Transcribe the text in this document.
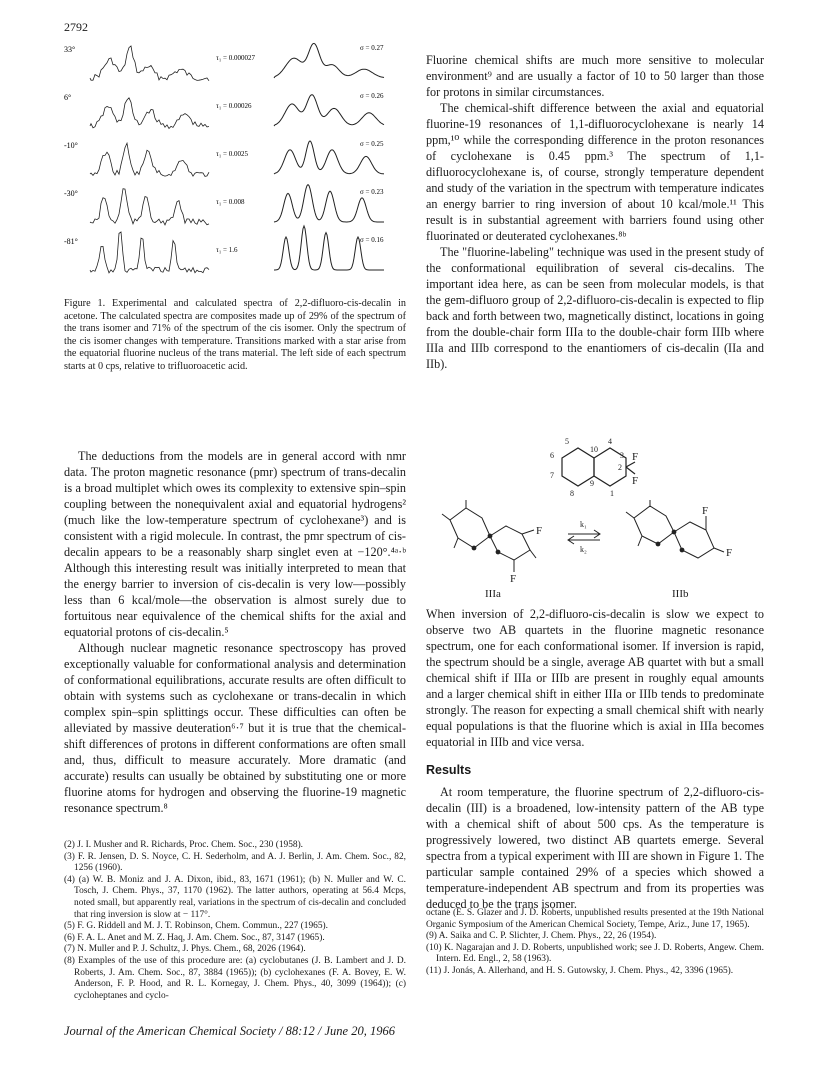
2792
33°
τ₁ = 0.000027
σ = 0.27
6°
τ₁ = 0.00026
σ = 0.26
-10°
τ₁ = 0.0025
σ = 0.25
-30°
τ₁ = 0.008
σ = 0.23
-81°
τ₁ = 1.6
σ = 0.16
Figure 1. Experimental and calculated spectra of 2,2-difluoro-cis-decalin in acetone. The calculated spectra are composites made up of 29% of the spectrum of the trans isomer and 71% of the spectrum of the cis isomer. Only the spectrum of the cis isomer changes with temperature. Transitions marked with a star arise from the equatorial fluorine nucleus of the trans material. The left side of each spectrum starts at 0 cps, relative to trifluoroacetic acid.

The deductions from the models are in general accord with nmr data. The proton magnetic resonance (pmr) spectrum of trans-decalin is a broad multiplet which owes its complexity to extensive spin–spin coupling between the nonequivalent axial and equatorial hydrogens² (much like the low-temperature spectrum of cyclohexane³) and is consistent with a rigid molecule. In contrast, the pmr spectrum of cis-decalin appears to be a reasonably sharp singlet even at −120°.⁴ᵃ·ᵇ Although this interesting result was initially interpreted to mean that the energy barrier to inversion of cis-decalin is very low—possibly less than 6 kcal/mole—the observation is almost surely due to fortuitous near equivalence of the chemical shifts for the axial and equatorial protons of cis-decalin.⁵

Although nuclear magnetic resonance spectroscopy has proved exceptionally valuable for conformational analysis and determination of conformational equilibrations, accurate results are often difficult to obtain with systems such as cyclohexane or trans-decalin in which complex spin–spin splittings occur. These difficulties can often be alleviated by massive deuteration⁶·⁷ but it is true that the chemical-shift differences of protons in different conformations are often small and, thus, difficult to measure accurately. More dramatic (and accurate) results can usually be obtained by substituting one or more fluorine atoms for hydrogen and observing the fluorine-19 magnetic resonance spectrum.⁸

(2) J. I. Musher and R. Richards, Proc. Chem. Soc., 230 (1958).

(3) F. R. Jensen, D. S. Noyce, C. H. Sederholm, and A. J. Berlin, J. Am. Chem. Soc., 82, 1256 (1960).

(4) (a) W. B. Moniz and J. A. Dixon, ibid., 83, 1671 (1961); (b) N. Muller and W. C. Tosch, J. Chem. Phys., 37, 1170 (1962). The latter authors, operating at 56.4 Mcps, noted small, but apparently real, variations in the spectrum of cis-decalin and concluded that ring inversion is slow at − 117°.

(5) F. G. Riddell and M. J. T. Robinson, Chem. Commun., 227 (1965).

(6) F. A. L. Anet and M. Z. Haq, J. Am. Chem. Soc., 87, 3147 (1965).

(7) N. Muller and P. J. Schultz, J. Phys. Chem., 68, 2026 (1964).

(8) Examples of the use of this procedure are: (a) cyclobutanes (J. B. Lambert and J. D. Roberts, J. Am. Chem. Soc., 87, 3884 (1965)); (b) cyclohexanes (F. A. Bovey, E. W. Anderson, F. P. Hood, and R. L. Kornegay, J. Chem. Phys., 40, 3099 (1964)); (c) cycloheptanes and cyclo-

Fluorine chemical shifts are much more sensitive to molecular environment⁹ and are usually a factor of 10 to 50 larger than those for protons in similar circumstances.

The chemical-shift difference between the axial and equatorial fluorine-19 resonances of 1,1-difluorocyclohexane is nearly 14 ppm,¹⁰ while the corresponding difference in the proton resonances of cyclohexane is 0.45 ppm.³ The spectrum of 1,1-difluorocyclohexane is, of course, strongly temperature dependent and study of the variation in the spectrum with temperature indicates an energy barrier to ring inversion of about 10 kcal/mole.¹¹ This result is in substantial agreement with barriers found using other fluorinated or deuterated cyclohexanes.⁸ᵇ

The "fluorine-labeling" technique was used in the present study of the conformational equilibration of several cis-decalins. The important idea here, as can be seen from molecular models, is that the gem-difluoro group of 2,2-difluoro-cis-decalin is expected to flip back and forth between two, magnetically distinct, locations in going from the double-chair form IIIa to the double-chair form IIIb where IIIa and IIIb correspond to the enantiomers of cis-decalin (IIa and IIb).

5
10
4
6	3
7
2
8
9
1
F
F
F
F
F
F
k₁
k₂
IIIa	IIIb

When inversion of 2,2-difluoro-cis-decalin is slow we expect to observe two AB quartets in the fluorine magnetic resonance spectrum, one for each conformational isomer. If inversion is rapid, the spectrum should be a single, average AB quartet with but a small chemical shift if IIIa or IIIb are present in roughly equal amounts and a larger chemical shift in either IIIa or IIIb tends to predominate strongly. The reason for expecting a small chemical shift with nearly equal populations is that the fluorine which is axial in IIIa becomes equatorial in IIIb and vice versa.

Results

At room temperature, the fluorine spectrum of 2,2-difluoro-cis-decalin (III) is a broadened, low-intensity pattern of the AB type with a chemical shift of about 500 cps. As the temperature is progressively lowered, two distinct AB quartets emerge. Several spectra from a typical experiment with III are shown in Figure 1. The particular sample contained 29% of a species which showed a temperature-independent AB spectrum and from its properties was deduced to be the trans isomer.

octane (E. S. Glazer and J. D. Roberts, unpublished results presented at the 19th National Organic Symposium of the American Chemical Society, Tempe, Ariz., June 17, 1965).

(9) A. Saika and C. P. Slichter, J. Chem. Phys., 22, 26 (1954).

(10) K. Nagarajan and J. D. Roberts, unpublished work; see J. D. Roberts, Angew. Chem. Intern. Ed. Engl., 2, 58 (1963).

(11) J. Jonás, A. Allerhand, and H. S. Gutowsky, J. Chem. Phys., 42, 3396 (1965).

Journal of the American Chemical Society / 88:12 / June 20, 1966
